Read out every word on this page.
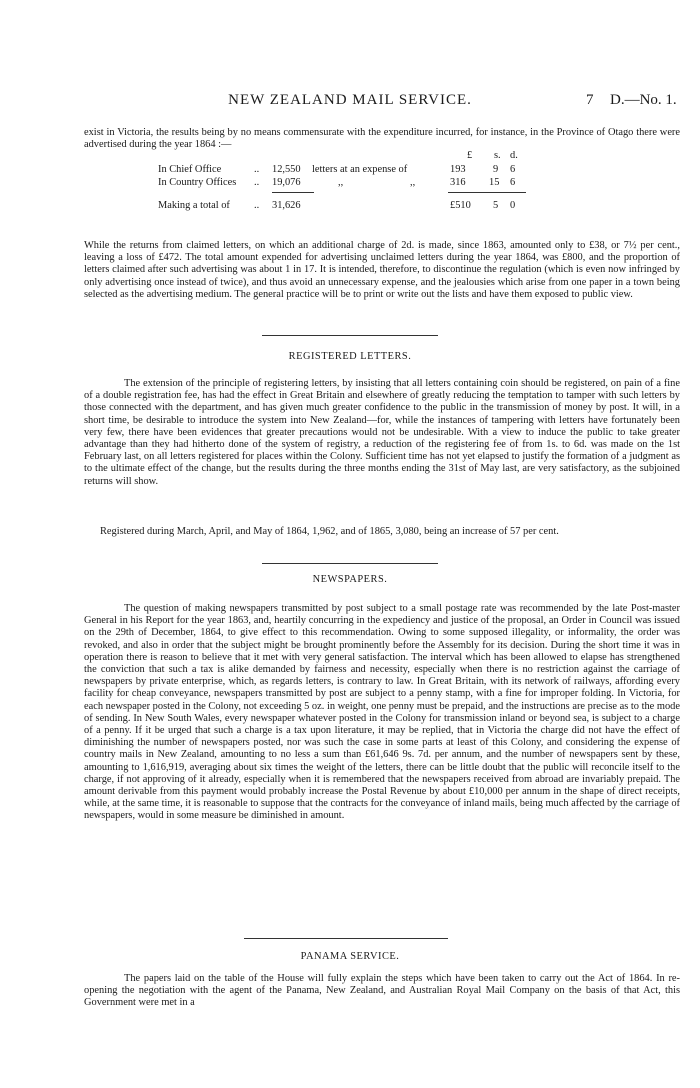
NEW ZEALAND MAIL SERVICE.	7 D.—No. 1.

exist in Victoria, the results being by no means commensurate with the expenditure incurred, for instance, in the Province of Otago there were advertised during the year 1864 :—

£ s. d.
In Chief Office	.. 12,550 letters at an expense of	193	9 6
In Country Offices .. 19,076	,,	,,	316 15 6
Making a total of .. 31,626	£510 5 0

While the returns from claimed letters, on which an additional charge of 2d. is made, since 1863, amounted only to £38, or 7½ per cent., leaving a loss of £472. The total amount expended for advertising unclaimed letters during the year 1864, was £800, and the proportion of letters claimed after such advertising was about 1 in 17. It is intended, therefore, to discontinue the regulation (which is even now infringed by only advertising once instead of twice), and thus avoid an unnecessary expense, and the jealousies which arise from one paper in a town being selected as the advertising medium. The general practice will be to print or write out the lists and have them exposed to public view.

REGISTERED LETTERS.

The extension of the principle of registering letters, by insisting that all letters containing coin should be registered, on pain of a fine of a double registration fee, has had the effect in Great Britain and elsewhere of greatly reducing the temptation to tamper with such letters by those connected with the department, and has given much greater confidence to the public in the transmission of money by post. It will, in a short time, be desirable to introduce the system into New Zealand—for, while the instances of tampering with letters have fortunately been very few, there have been evidences that greater precautions would not be undesirable. With a view to induce the public to take greater advantage than they had hitherto done of the system of registry, a reduction of the registering fee of from 1s. to 6d. was made on the 1st February last, on all letters registered for places within the Colony. Sufficient time has not yet elapsed to justify the formation of a judgment as to the ultimate effect of the change, but the results during the three months ending the 31st of May last, are very satisfactory, as the subjoined returns will show.

Registered during March, April, and May of 1864, 1,962, and of 1865, 3,080, being an increase of 57 per cent.

NEWSPAPERS.

The question of making newspapers transmitted by post subject to a small postage rate was recommended by the late Post-master General in his Report for the year 1863, and, heartily concurring in the expediency and justice of the proposal, an Order in Council was issued on the 29th of December, 1864, to give effect to this recommendation. Owing to some supposed illegality, or informality, the order was revoked, and also in order that the subject might be brought prominently before the Assembly for its decision. During the short time it was in operation there is reason to believe that it met with very general satisfaction. The interval which has been allowed to elapse has strengthened the conviction that such a tax is alike demanded by fairness and necessity, especially when there is no restriction against the carriage of newspapers by private enterprise, which, as regards letters, is contrary to law. In Great Britain, with its network of railways, affording every facility for cheap conveyance, newspapers transmitted by post are subject to a penny stamp, with a fine for improper folding. In Victoria, for each newspaper posted in the Colony, not exceeding 5 oz. in weight, one penny must be prepaid, and the instructions are precise as to the mode of sending. In New South Wales, every newspaper whatever posted in the Colony for transmission inland or beyond sea, is subject to a charge of a penny. If it be urged that such a charge is a tax upon literature, it may be replied, that in Victoria the charge did not have the effect of diminishing the number of newspapers posted, nor was such the case in some parts at least of this Colony, and considering the expense of country mails in New Zealand, amounting to no less a sum than £61,646 9s. 7d. per annum, and the number of newspapers sent by these, amounting to 1,616,919, averaging about six times the weight of the letters, there can be little doubt that the public will reconcile itself to the charge, if not approving of it already, especially when it is remembered that the newspapers received from abroad are invariably prepaid. The amount derivable from this payment would probably increase the Postal Revenue by about £10,000 per annum in the shape of direct receipts, while, at the same time, it is reasonable to suppose that the contracts for the conveyance of inland mails, being much affected by the carriage of newspapers, would in some measure be diminished in amount.

PANAMA SERVICE.

The papers laid on the table of the House will fully explain the steps which have been taken to carry out the Act of 1864. In re-opening the negotiation with the agent of the Panama, New Zealand, and Australian Royal Mail Company on the basis of that Act, this Government were met in a
